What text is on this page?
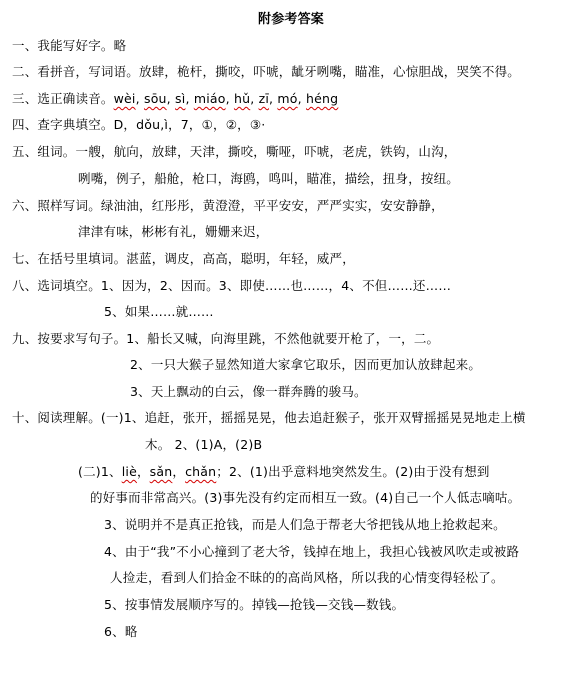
附参考答案
一、我能写好字。略
二、看拼音，写词语。放肆，桅杆，撕咬，吓唬，龇牙咧嘴，瞄准，心惊胆战，哭笑不得。
三、选正确读音。wèi, sōu, sì, miáo, hǔ, zī, mó, héng
四、查字典填空。D，dǒu,ì，7，①，②，③·
五、组词。一艘，航向，放肆，天津，撕咬，嘶哑，吓唬，老虎，铁钩，山沟，
咧嘴，例子，船舱，枪口，海鸥，鸣叫，瞄准，描绘，扭身，按纽。
六、照样写词。绿油油，红彤彤，黄澄澄，平平安安，严严实实，安安静静，
津津有味，彬彬有礼，姗姗来迟，
七、在括号里填词。湛蓝，调皮，高高，聪明，年轻，威严，
八、选词填空。1、因为，2、因而。3、即使……也……，4、不但……还……
5、如果……就……
九、按要求写句子。1、船长又喊，向海里跳，不然他就要开枪了，一，二。
2、一只大猴子显然知道大家拿它取乐，因而更加认放肆起来。
3、天上飘动的白云，像一群奔腾的骏马。
十、阅读理解。(一)1、追赶，张开，摇摇晃晃，他去追赶猴子，张开双臂摇摇晃晃地走上横
木。 2、(1)A，(2)B
(二)1、liè，sǎn，chǎn；2、(1)出乎意料地突然发生。(2)由于没有想到
的好事而非常高兴。(3)事先没有约定而相互一致。(4)自己一个人低志嘀咕。
3、说明并不是真正抢钱，而是人们急于帮老大爷把钱从地上抢救起来。
4、由于“我”不小心撞到了老大爷，钱掉在地上，我担心钱被风吹走或被路
人捡走，看到人们拾金不昧的的高尚风格，所以我的心情变得轻松了。
5、按事情发展顺序写的。掉钱—抢钱—交钱—数钱。
6、略
